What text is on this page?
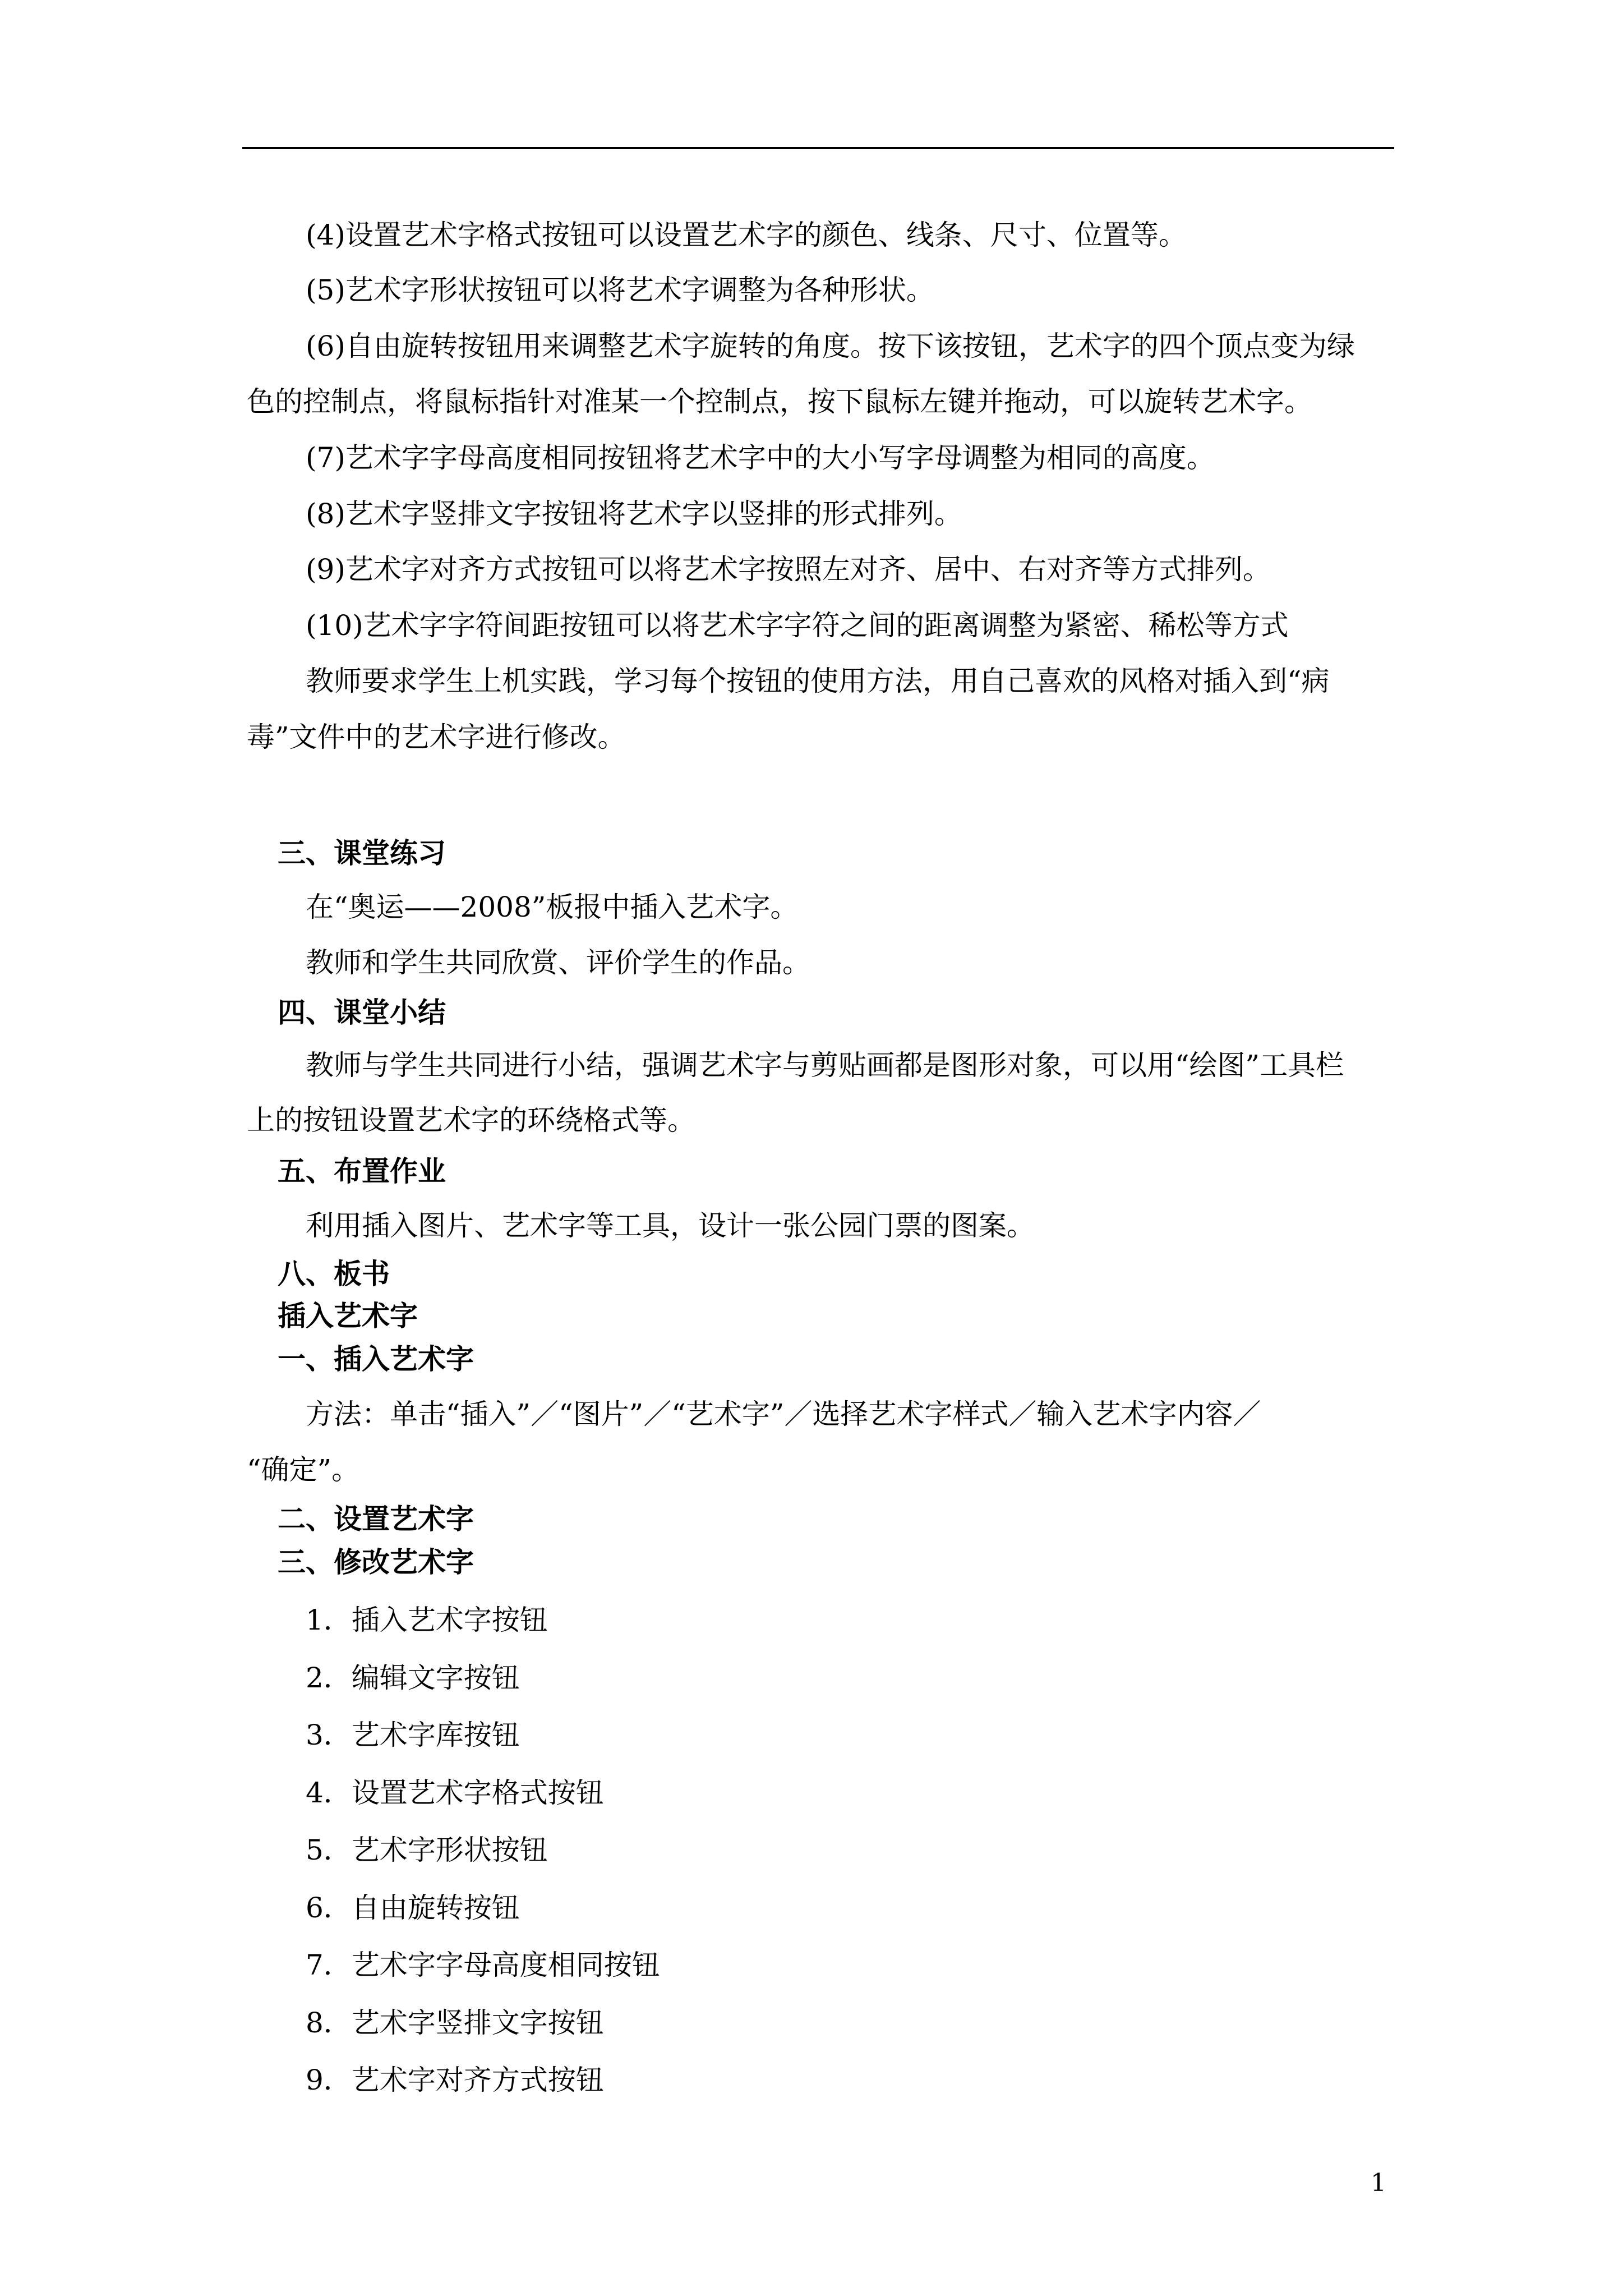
(4)设置艺术字格式按钮可以设置艺术字的颜色、线条、尺寸、位置等。
(5)艺术字形状按钮可以将艺术字调整为各种形状。
(6)自由旋转按钮用来调整艺术字旋转的角度。按下该按钮，艺术字的四个顶点变为绿
色的控制点，将鼠标指针对准某一个控制点，按下鼠标左键并拖动，可以旋转艺术字。
(7)艺术字字母高度相同按钮将艺术字中的大小写字母调整为相同的高度。
(8)艺术字竖排文字按钮将艺术字以竖排的形式排列。
(9)艺术字对齐方式按钮可以将艺术字按照左对齐、居中、右对齐等方式排列。
(10)艺术字字符间距按钮可以将艺术字字符之间的距离调整为紧密、稀松等方式
教师要求学生上机实践，学习每个按钮的使用方法，用自己喜欢的风格对插入到“病
毒”文件中的艺术字进行修改。
三、课堂练习
在“奥运——2008”板报中插入艺术字。
教师和学生共同欣赏、评价学生的作品。
四、课堂小结
教师与学生共同进行小结，强调艺术字与剪贴画都是图形对象，可以用“绘图”工具栏
上的按钮设置艺术字的环绕格式等。
五、布置作业
利用插入图片、艺术字等工具，设计一张公园门票的图案。
八、板书
插入艺术字
一、插入艺术字
方法：单击“插入”／“图片”／“艺术字”／选择艺术字样式／输入艺术字内容／
“确定”。
二、设置艺术字
三、修改艺术字
1．插入艺术字按钮
2．编辑文字按钮
3．艺术字库按钮
4．设置艺术字格式按钮
5．艺术字形状按钮
6．自由旋转按钮
7．艺术字字母高度相同按钮
8．艺术字竖排文字按钮
9．艺术字对齐方式按钮
1
